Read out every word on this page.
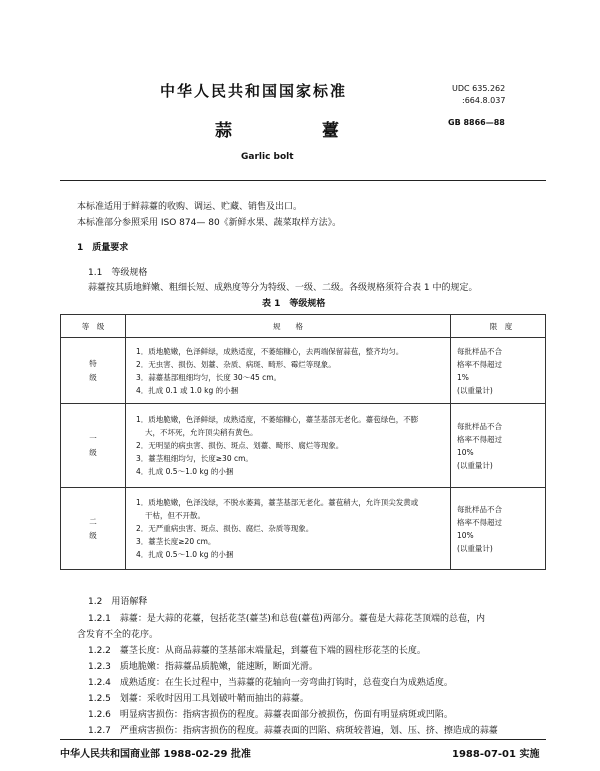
中华人民共和国国家标准	UDC 635.262
:664.8.037
蒜	薹	GB 8866—88
Garlic bolt
本标准适用于鲜蒜薹的收购、调运、贮藏、销售及出口。
本标准部分参照采用 ISO 874— 80《新鲜水果、蔬菜取样方法》。
1　质量要求
1.1　等级规格
蒜薹按其质地鲜嫩、粗细长短、成熟度等分为特级、一级、二级。各级规格须符合表 1 中的规定。
表 1　等级规格
等　级	规　　格	限　度

特
级	1．质地脆嫩，色泽鲜绿，成熟适度，不萎缩糠心，去两端保留蒜苞，整齐均匀。
2．无虫害、损伤、划薹、杂质、病斑、畸形、霉烂等现象。
3．蒜薹基部粗细均匀，长度 30～45 cm。
4．扎成 0.1 或 1.0 kg 的小捆	每批样品不合
格率不得超过
1%
(以重量计)

一
级	1．质地脆嫩，色泽鲜绿，成熟适度，不萎缩糠心，薹茎基部无老化。薹苞绿色，不膨
大，不坏死，允许顶尖稍有黄色。
2．无明显的病虫害、损伤、斑点、划薹、畸形、腐烂等现象。
3．薹茎粗细均匀，长度≥30 cm。
4．扎成 0.5～1.0 kg 的小捆	每批样品不合
格率不得超过
10%
(以重量计)

二
级	1．质地脆嫩，色泽浅绿，不脱水萎蔫，薹茎基部无老化。薹苞稍大，允许顶尖发黄或
干枯，但不开散。
2．无严重病虫害、斑点、损伤、腐烂、杂质等现象。
3．薹茎长度≥20 cm。
4．扎成 0.5～1.0 kg 的小捆	每批样品不合
格率不得超过
10%
(以重量计)
1.2　用语解释
1.2.1　蒜薹：是大蒜的花薹，包括花茎(薹茎)和总苞(薹苞)两部分。薹苞是大蒜花茎顶端的总苞，内
含发育不全的花序。
1.2.2　薹茎长度：从商品蒜薹的茎基部末端量起，到薹苞下端的圆柱形花茎的长度。
1.2.3　质地脆嫩：指蒜薹品质脆嫩，能速断，断面光滑。
1.2.4　成熟适度：在生长过程中，当蒜薹的花轴向一旁弯曲打钩时，总苞变白为成熟适度。
1.2.5　划薹：采收时因用工具划破叶鞘而抽出的蒜薹。
1.2.6　明显病害损伤：指病害损伤的程度。蒜薹表面部分被损伤，伤面有明显病斑或凹陷。
1.2.7　严重病害损伤：指病害损伤的程度。蒜薹表面的凹陷、病斑较普遍，划、压、挤、擦造成的蒜薹
中华人民共和国商业部 1988-02-29 批准	1988-07-01 实施
